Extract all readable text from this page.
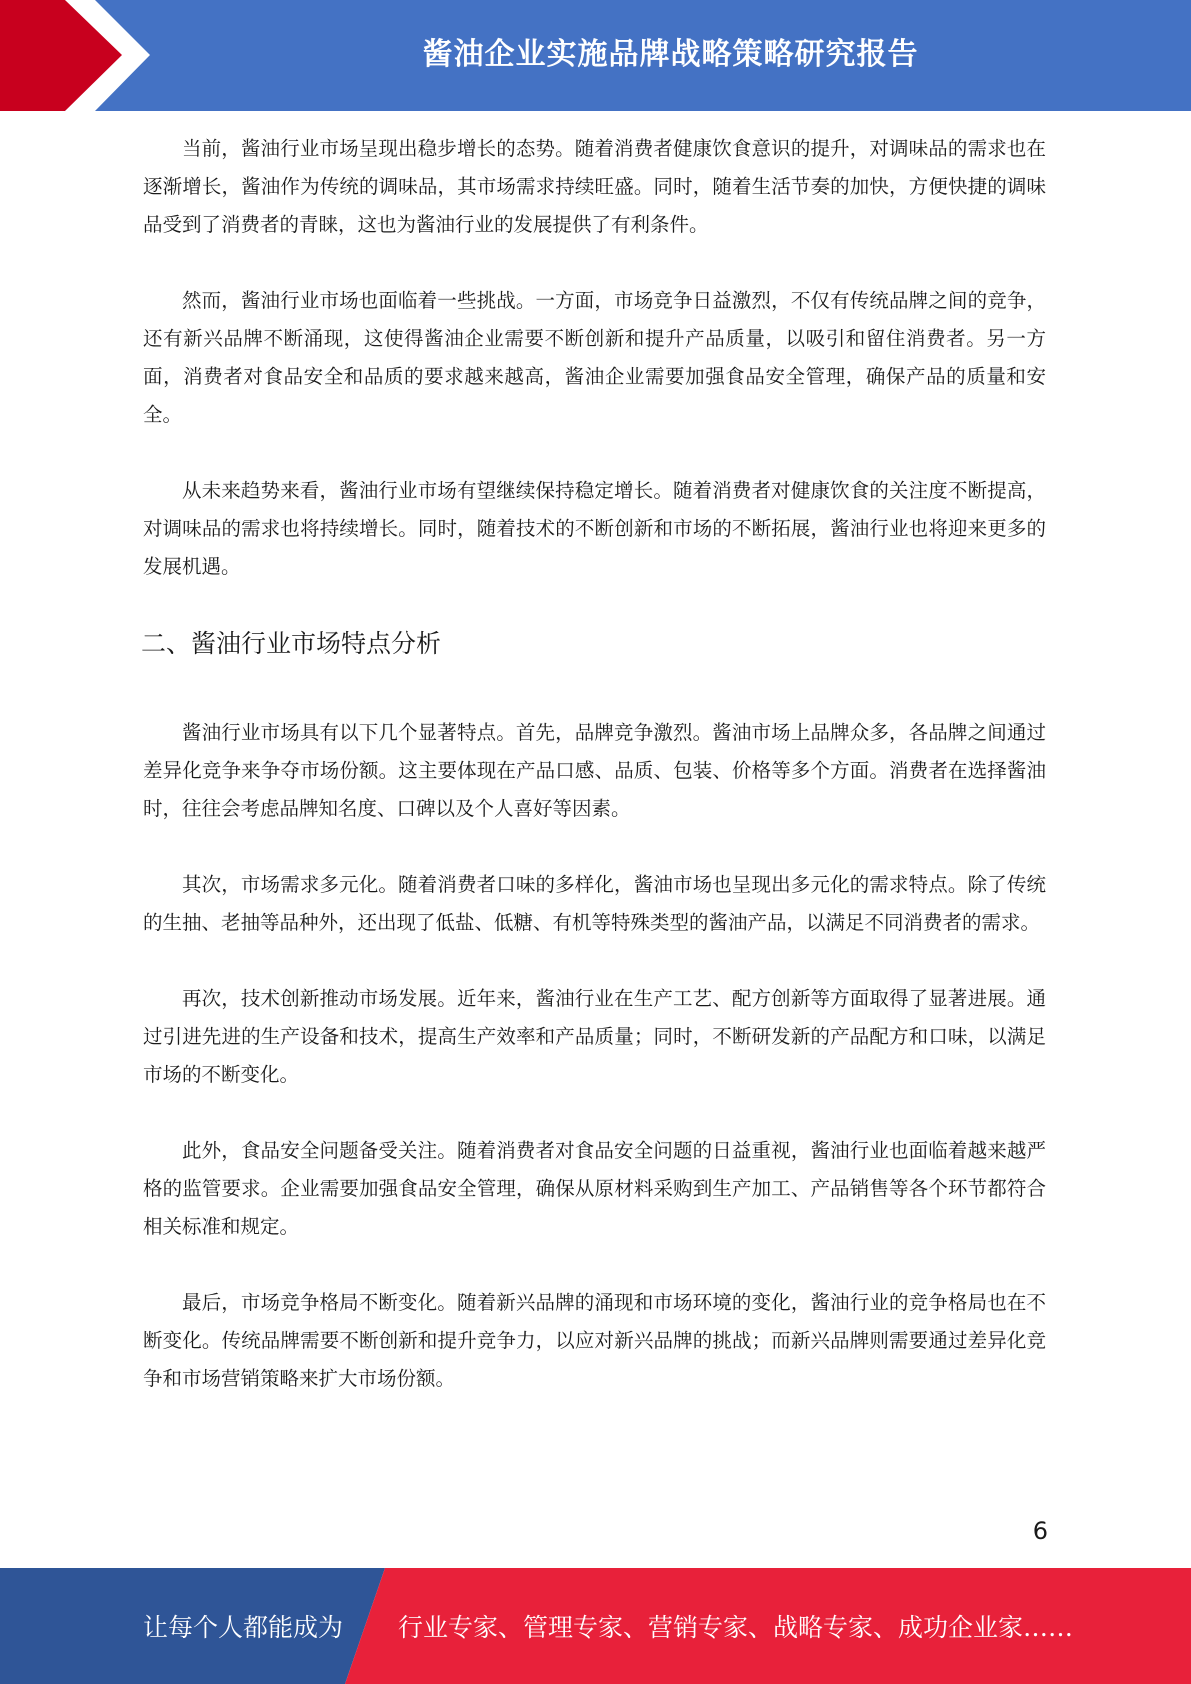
酱油企业实施品牌战略策略研究报告

当前，酱油行业市场呈现出稳步增长的态势。随着消费者健康饮食意识的提升，对调味品的需求也在逐渐增长，酱油作为传统的调味品，其市场需求持续旺盛。同时，随着生活节奏的加快，方便快捷的调味品受到了消费者的青睐，这也为酱油行业的发展提供了有利条件。

然而，酱油行业市场也面临着一些挑战。一方面，市场竞争日益激烈，不仅有传统品牌之间的竞争，还有新兴品牌不断涌现，这使得酱油企业需要不断创新和提升产品质量，以吸引和留住消费者。另一方面，消费者对食品安全和品质的要求越来越高，酱油企业需要加强食品安全管理，确保产品的质量和安全。

从未来趋势来看，酱油行业市场有望继续保持稳定增长。随着消费者对健康饮食的关注度不断提高，对调味品的需求也将持续增长。同时，随着技术的不断创新和市场的不断拓展，酱油行业也将迎来更多的发展机遇。

二、酱油行业市场特点分析

酱油行业市场具有以下几个显著特点。首先，品牌竞争激烈。酱油市场上品牌众多，各品牌之间通过差异化竞争来争夺市场份额。这主要体现在产品口感、品质、包装、价格等多个方面。消费者在选择酱油时，往往会考虑品牌知名度、口碑以及个人喜好等因素。

其次，市场需求多元化。随着消费者口味的多样化，酱油市场也呈现出多元化的需求特点。除了传统的生抽、老抽等品种外，还出现了低盐、低糖、有机等特殊类型的酱油产品，以满足不同消费者的需求。

再次，技术创新推动市场发展。近年来，酱油行业在生产工艺、配方创新等方面取得了显著进展。通过引进先进的生产设备和技术，提高生产效率和产品质量；同时，不断研发新的产品配方和口味，以满足市场的不断变化。

此外，食品安全问题备受关注。随着消费者对食品安全问题的日益重视，酱油行业也面临着越来越严格的监管要求。企业需要加强食品安全管理，确保从原材料采购到生产加工、产品销售等各个环节都符合相关标准和规定。

最后，市场竞争格局不断变化。随着新兴品牌的涌现和市场环境的变化，酱油行业的竞争格局也在不断变化。传统品牌需要不断创新和提升竞争力，以应对新兴品牌的挑战；而新兴品牌则需要通过差异化竞争和市场营销策略来扩大市场份额。

6
让每个人都能成为 行业专家、管理专家、营销专家、战略专家、成功企业家……
